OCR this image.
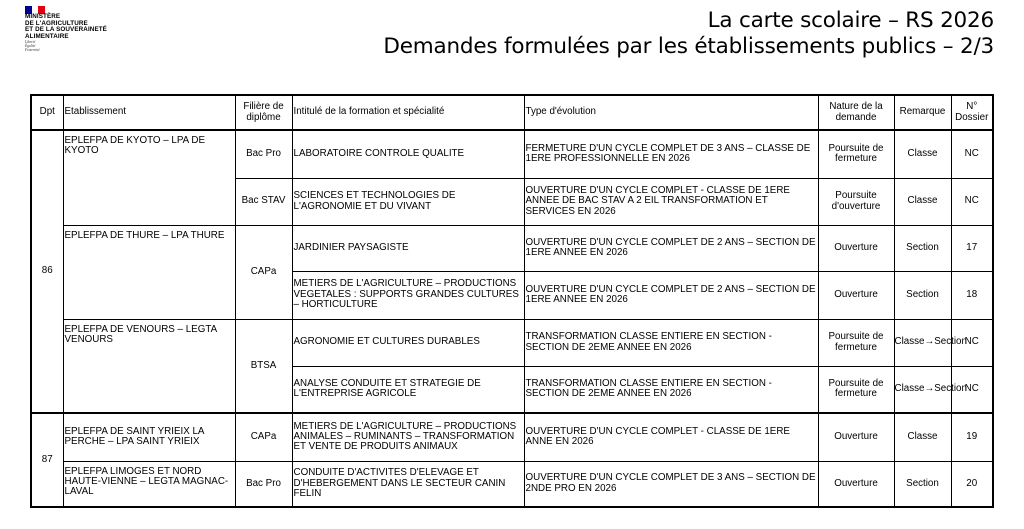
MINISTÈRE
DE L'AGRICULTURE
ET DE LA SOUVERAINETÉ
ALIMENTAIRE
Liberté
Égalité
Fraternité
La carte scolaire – RS 2026
Demandes formulées par les établissements publics – 2/3
Dpt	Etablissement	Filière de diplôme	Intitulé de la formation et spécialité	Type d'évolution	Nature de la demande	Remarque	N° Dossier
86	EPLEFPA DE KYOTO – LPA DE KYOTO	Bac Pro	LABORATOIRE CONTROLE QUALITE	FERMETURE D'UN CYCLE COMPLET DE 3 ANS – CLASSE DE 1ERE PROFESSIONNELLE EN 2026	Poursuite de fermeture	Classe	NC
		Bac STAV	SCIENCES ET TECHNOLOGIES DE L'AGRONOMIE ET DU VIVANT	OUVERTURE D'UN CYCLE COMPLET - CLASSE DE 1ERE ANNEE DE BAC STAV A 2 EIL TRANSFORMATION ET SERVICES EN 2026	Poursuite d'ouverture	Classe	NC
	EPLEFPA DE THURE – LPA THURE	CAPa	JARDINIER PAYSAGISTE	OUVERTURE D'UN CYCLE COMPLET DE 2 ANS – SECTION DE 1ERE ANNEE EN 2026	Ouverture	Section	17
			METIERS DE L'AGRICULTURE – PRODUCTIONS VEGETALES : SUPPORTS GRANDES CULTURES – HORTICULTURE	OUVERTURE D'UN CYCLE COMPLET DE 2 ANS – SECTION DE 1ERE ANNEE EN 2026	Ouverture	Section	18
	EPLEFPA DE VENOURS – LEGTA VENOURS	BTSA	AGRONOMIE ET CULTURES DURABLES	TRANSFORMATION CLASSE ENTIERE EN SECTION - SECTION DE 2EME ANNEE EN 2026	Poursuite de fermeture	Classe→Section	NC
			ANALYSE CONDUITE ET STRATEGIE DE L'ENTREPRISE AGRICOLE	TRANSFORMATION CLASSE ENTIERE EN SECTION - SECTION DE 2EME ANNEE EN 2026	Poursuite de fermeture	Classe→Section	NC
87	EPLEFPA DE SAINT YRIEIX LA PERCHE – LPA SAINT YRIEIX	CAPa	METIERS DE L'AGRICULTURE – PRODUCTIONS ANIMALES – RUMINANTS – TRANSFORMATION ET VENTE DE PRODUITS ANIMAUX	OUVERTURE D'UN CYCLE COMPLET - CLASSE DE 1ERE ANNE EN 2026	Ouverture	Classe	19
	EPLEFPA LIMOGES ET NORD HAUTE-VIENNE – LEGTA MAGNAC-LAVAL	Bac Pro	CONDUITE D'ACTIVITES D'ELEVAGE ET D'HEBERGEMENT DANS LE SECTEUR CANIN FELIN	OUVERTURE D'UN CYCLE COMPLET DE 3 ANS – SECTION DE 2NDE PRO EN 2026	Ouverture	Section	20
